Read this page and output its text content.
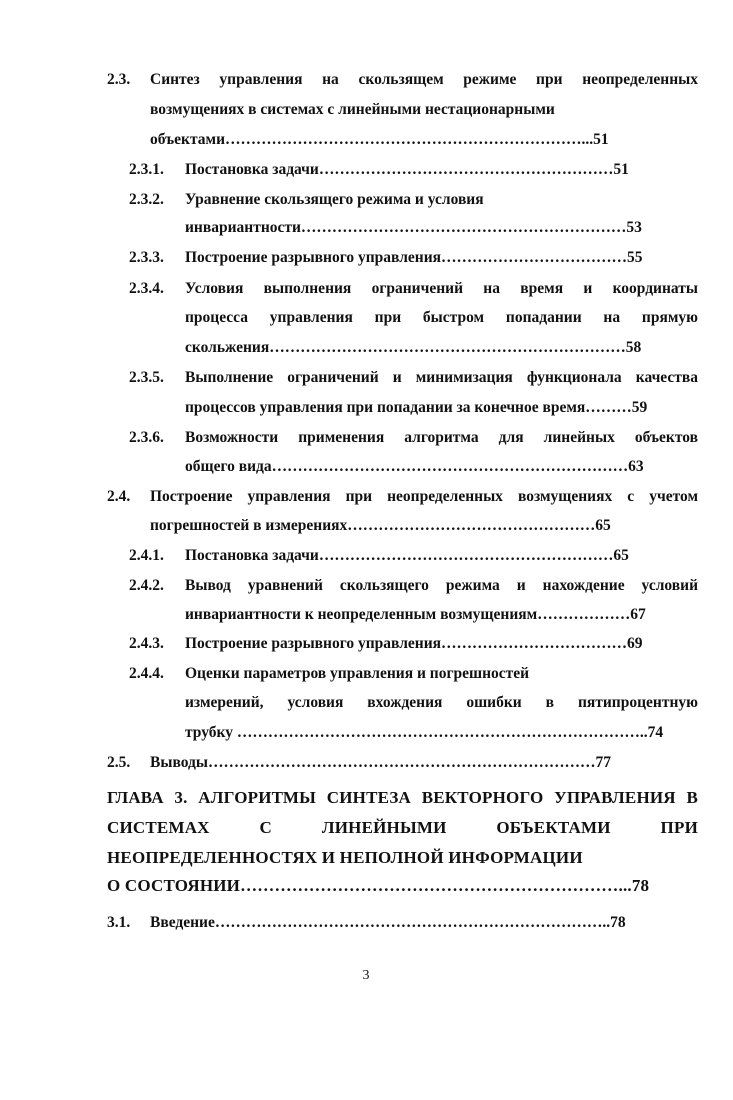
2.3. Синтез управления на скользящем режиме при неопределенных
возмущениях в системах с линейными нестационарными
объектами……………………………………………………………...51
2.3.1. Постановка задачи…………………………………………………51
2.3.2. Уравнение скользящего режима и условия
инвариантности………………………………………………………53
2.3.3. Построение разрывного управления………………………………55
2.3.4. Условия выполнения ограничений на время и координаты
процесса управления при быстром попадании на прямую
скольжения……………………………………………………………58
2.3.5. Выполнение ограничений и минимизация функционала качества
процессов управления при попадании за конечное время………59
2.3.6. Возможности применения алгоритма для линейных объектов
общего вида……………………………………………………………63
2.4. Построение управления при неопределенных возмущениях с учетом
погрешностей в измерениях…………………………………………65
2.4.1. Постановка задачи…………………………………………………65
2.4.2. Вывод уравнений скользящего режима и нахождение условий
инвариантности к неопределенным возмущениям………………67
2.4.3. Построение разрывного управления………………………………69
2.4.4. Оценки параметров управления и погрешностей
измерений, условия вхождения ошибки в пятипроцентную
трубку ……………………………………………………………………..74
2.5. Выводы…………………………………………………………………77
ГЛАВА 3. АЛГОРИТМЫ СИНТЕЗА ВЕКТОРНОГО УПРАВЛЕНИЯ В
СИСТЕМАХ С ЛИНЕЙНЫМИ ОБЪЕКТАМИ ПРИ
НЕОПРЕДЕЛЕННОСТЯХ И НЕПОЛНОЙ ИНФОРМАЦИИ
О СОСТОЯНИИ…………………………………………………………...78
3.1. Введение…………………………………………………………………..78
3
